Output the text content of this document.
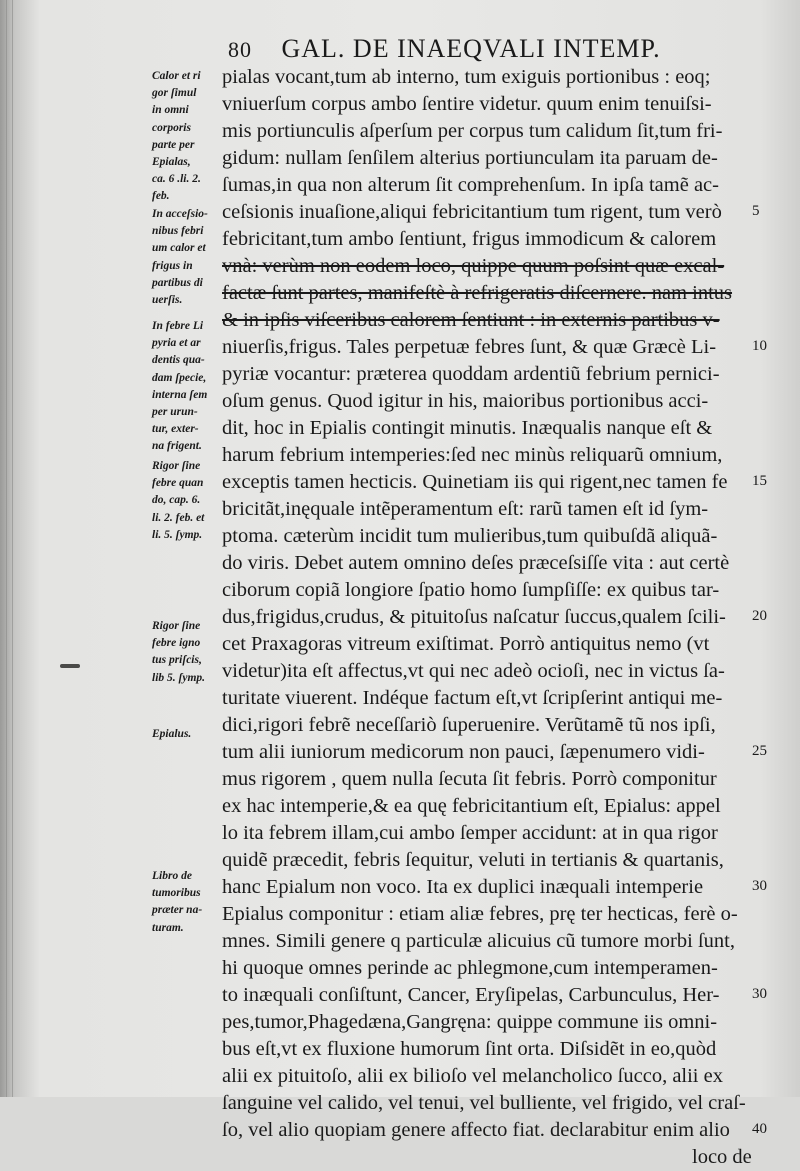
80 GAL. DE INAEQVALI INTEMP.
pialas vocant,tum ab interno, tum exiguis portionibus : eoq;
vniuerſum corpus ambo ſentire videtur. quum enim tenuiſsi-
mis portiunculis aſperſum per corpus tum calidum ſit,tum fri-
gidum: nullam ſenſilem alterius portiunculam ita paruam de-
ſumas,in qua non alterum ſit comprehenſum. In ipſa tamẽ ac-
ceſsionis inuaſione,aliqui febricitantium tum rigent, tum verò
febricitant,tum ambo ſentiunt, frigus immodicum & calorem
vnà: verùm non eodem loco, quippe quum poſsint quæ excal-
factæ ſunt partes, manifeſtè à refrigeratis diſcernere. nam intus
& in ipſis viſceribus calorem ſentiunt : in externis partibus v-
niuerſis,frigus. Tales perpetuæ febres ſunt, & quæ Græcè Li-
pyriæ vocantur: præterea quoddam ardentiũ febrium pernici-
oſum genus. Quod igitur in his, maioribus portionibus acci-
dit, hoc in Epialis contingit minutis. Inæqualis nanque eſt &
harum febrium intemperies:ſed nec minùs reliquarũ omnium,
exceptis tamen hecticis. Quinetiam iis qui rigent,nec tamen fe
bricitãt,inęquale intẽperamentum eſt: rarũ tamen eſt id ſym-
ptoma. cæterùm incidit tum mulieribus,tum quibuſdã aliquã-
do viris. Debet autem omnino deſes præceſsiſſe vita : aut certè
ciborum copiã longiore ſpatio homo ſumpſiſſe: ex quibus tar-
dus,frigidus,crudus, & pituitoſus naſcatur ſuccus,qualem ſcili-
cet Praxagoras vitreum exiſtimat. Porrò antiquitus nemo (vt
videtur)ita eſt affectus,vt qui nec adeò ocioſi, nec in victus ſa-
turitate viuerent. Indéque factum eſt,vt ſcripſerint antiqui me-
dici,rigori febrẽ neceſſariò ſuperuenire. Verũtamẽ tũ nos ipſi,
tum alii iuniorum medicorum non pauci, ſæpenumero vidi-
mus rigorem , quem nulla ſecuta ſit febris. Porrò componitur
ex hac intemperie,& ea quę febricitantium eſt, Epialus: appel
lo ita febrem illam,cui ambo ſemper accidunt: at in qua rigor
quidẽ præcedit, febris ſequitur, veluti in tertianis & quartanis,
hanc Epialum non voco. Ita ex duplici inæquali intemperie
Epialus componitur : etiam aliæ febres, prę ter hecticas, ferè o-
mnes. Simili genere q particulæ alicuius cũ tumore morbi ſunt,
hi quoque omnes perinde ac phlegmone,cum intemperamen-
to inæquali conſiſtunt, Cancer, Eryſipelas, Carbunculus, Her-
pes,tumor,Phagedæna,Gangręna: quippe commune iis omni-
bus eſt,vt ex fluxione humorum ſint orta. Diſsidẽt in eo,quòd
alii ex pituitoſo, alii ex bilioſo vel melancholico ſucco, alii ex
ſanguine vel calido, vel tenui, vel bulliente, vel frigido, vel craſ-
ſo, vel alio quopiam genere affecto fiat. declarabitur enim alio
loco de
5
10
15
20
25
30
30
40
Calor et ri
gor ſimul
in omni
corporis
parte per
Epialas,
ca. 6 .li. 2.
feb.
In acceſsio-
nibus febri
um calor et
frigus in
partibus di
uerſis.
In febre Li
pyria et ar
dentis qua-
dam ſpecie,
interna ſem
per urun-
tur, exter-
na frigent.
Rigor ſine
febre quan
do, cap. 6.
li. 2. feb. et
li. 5. ſymp.
Rigor ſine
febre igno
tus priſcis,
lib 5. ſymp.
Epialus.
Libro de
tumoribus
præter na-
turam.
